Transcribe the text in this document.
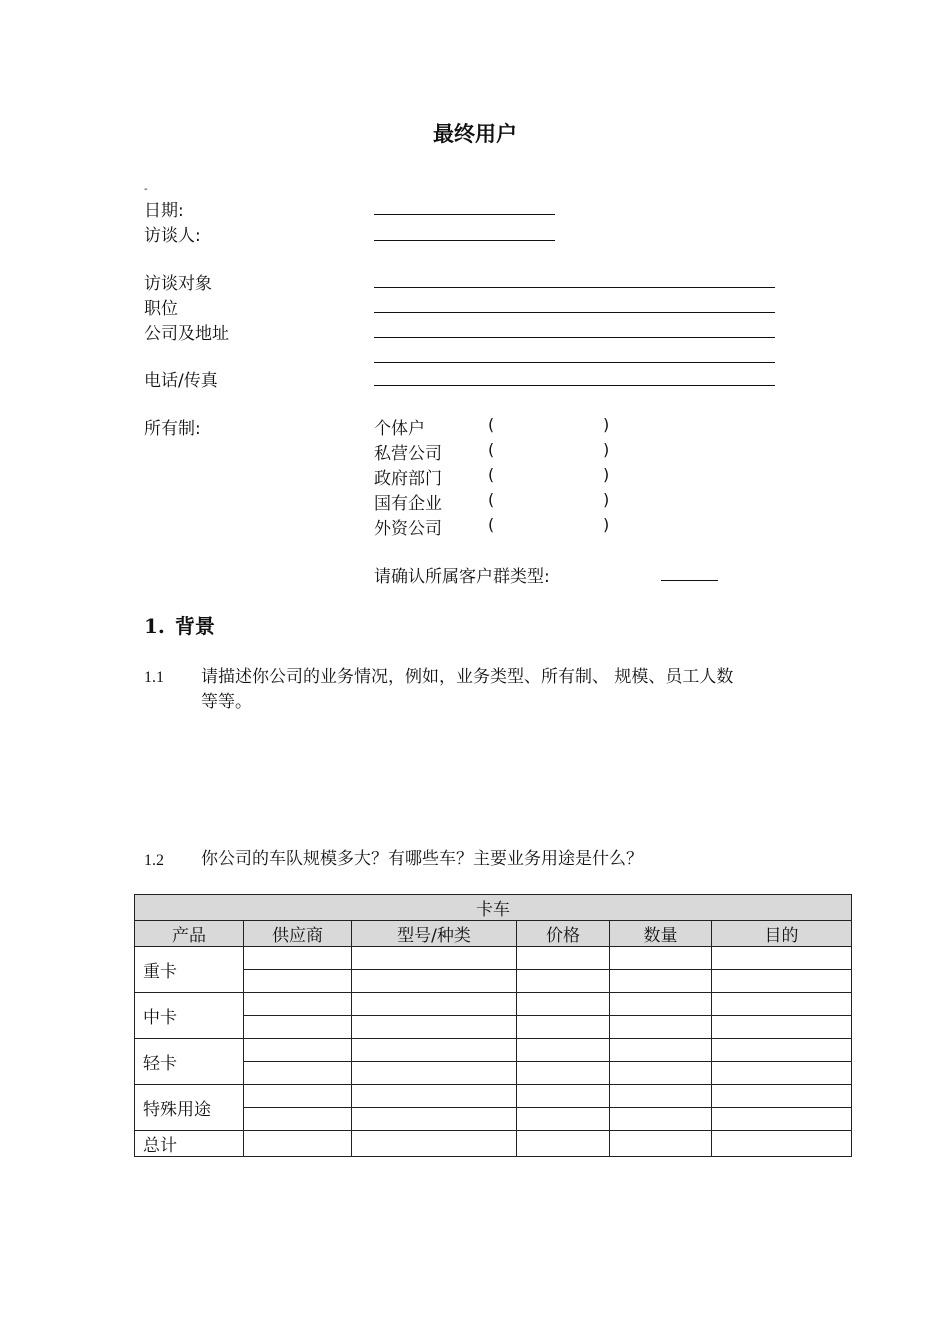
最终用户
-
日期:
访谈人:
访谈对象
职位
公司及地址
电话/传真
所有制:	个体户	(	)
私营公司	(	)
政府部门	(	)
国有企业	(	)
外资公司	(	)
请确认所属客户群类型:
1. 背景
1.1 请描述你公司的业务情况，例如，业务类型、所有制、 规模、员工人数
等等。
1.2 你公司的车队规模多大？有哪些车？主要业务用途是什么？
卡车					
产品	供应商	型号/种类	价格	数量	目的
重卡					

中卡					

轻卡					

特殊用途					

总计					
